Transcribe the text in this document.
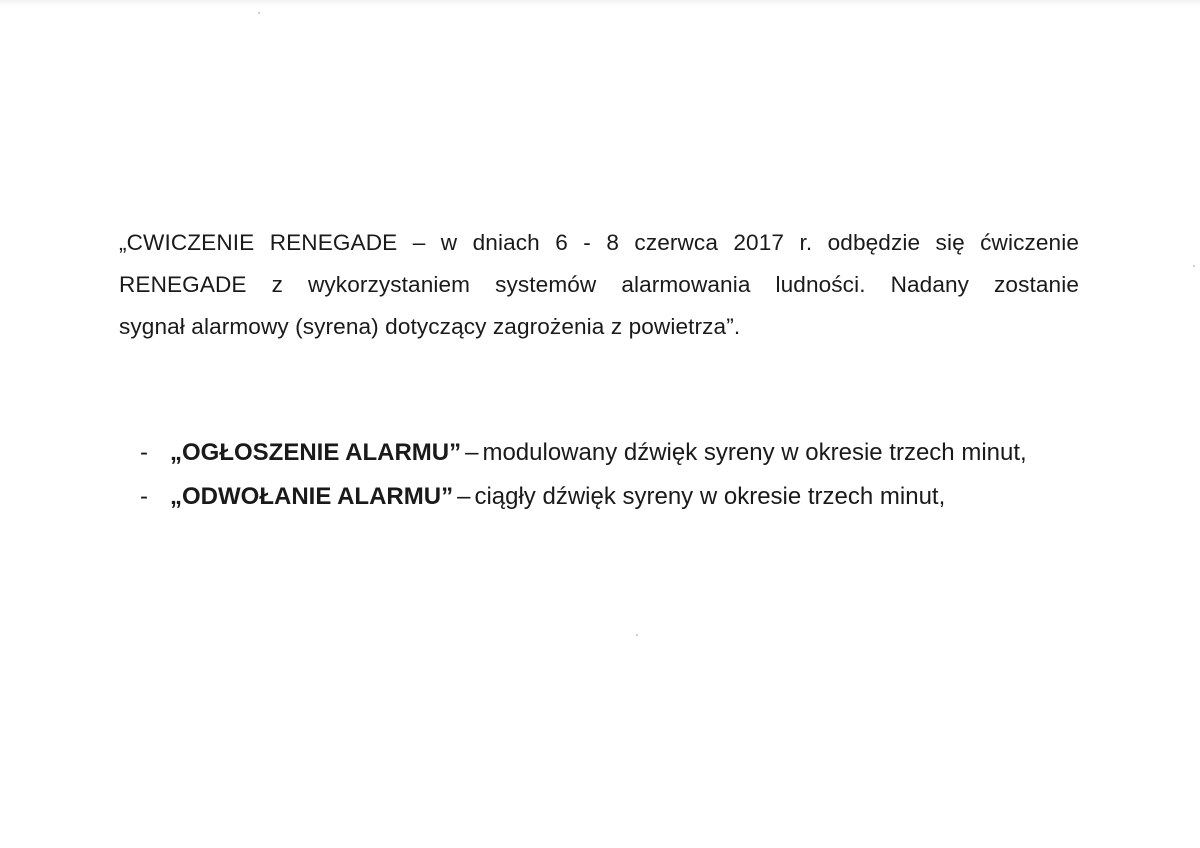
„CWICZENIE RENEGADE – w dniach 6 - 8 czerwca 2017 r. odbędzie się ćwiczenie
RENEGADE z wykorzystaniem systemów alarmowania ludności. Nadany zostanie
sygnał alarmowy (syrena) dotyczący zagrożenia z powietrza”.
- „OGŁOSZENIE ALARMU” – modulowany dźwięk syreny w okresie trzech minut,
- „ODWOŁANIE ALARMU” – ciągły dźwięk syreny w okresie trzech minut,
